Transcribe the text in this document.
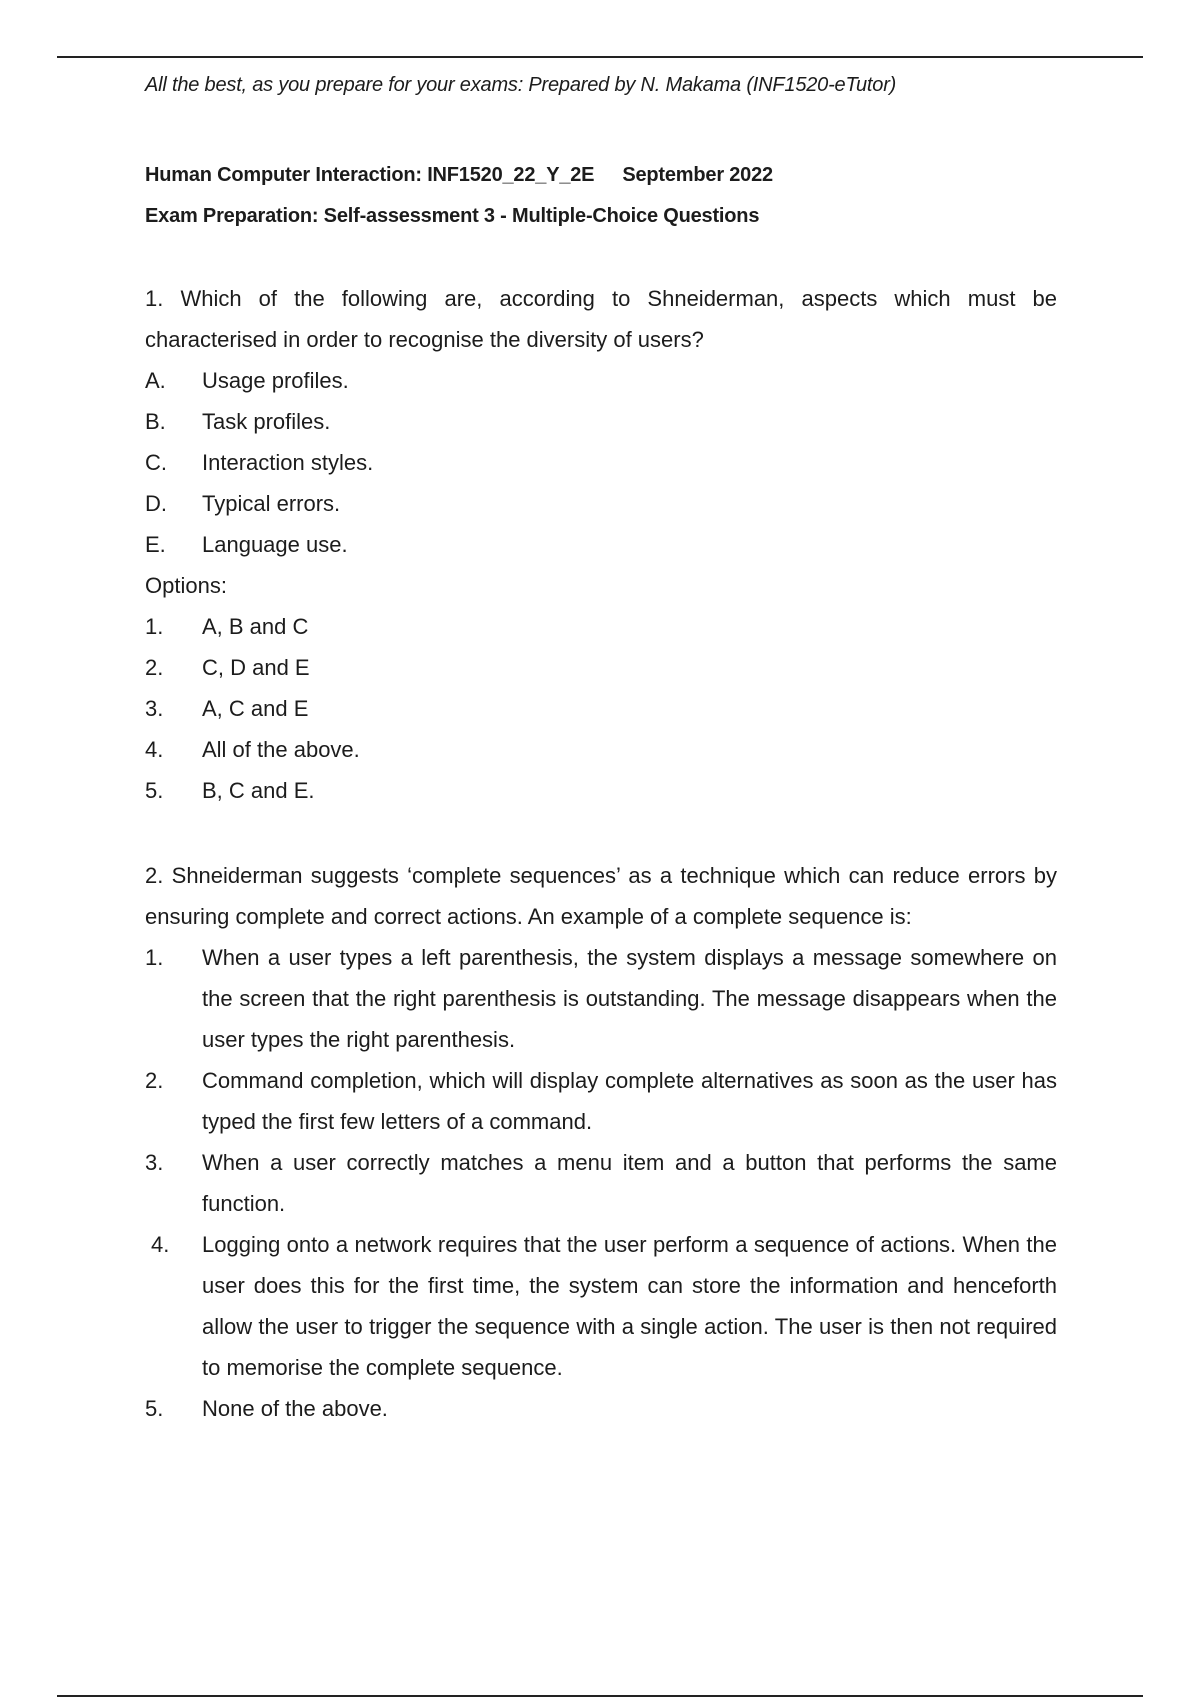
All the best, as you prepare for your exams: Prepared by N. Makama (INF1520-eTutor)

Human Computer Interaction: INF1520_22_Y_2E September 2022

Exam Preparation: Self-assessment 3 - Multiple-Choice Questions

1. Which of the following are, according to Shneiderman, aspects which must be characterised in order to recognise the diversity of users?

A.	Usage profiles.
B.	Task profiles.
C.	Interaction styles.
D.	Typical errors.
E.	Language use.

Options:

1.	A, B and C
2.	C, D and E
3.	A, C and E
4.	All of the above.
5.	B, C and E.

2. Shneiderman suggests ‘complete sequences’ as a technique which can reduce errors by ensuring complete and correct actions. An example of a complete sequence is:

1.	When a user types a left parenthesis, the system displays a message somewhere on the screen that the right parenthesis is outstanding. The message disappears when the user types the right parenthesis.
2.	Command completion, which will display complete alternatives as soon as the user has typed the first few letters of a command.
3.	When a user correctly matches a menu item and a button that performs the same function.
4.	Logging onto a network requires that the user perform a sequence of actions. When the user does this for the first time, the system can store the information and henceforth allow the user to trigger the sequence with a single action. The user is then not required to memorise the complete sequence.
5.	None of the above.
